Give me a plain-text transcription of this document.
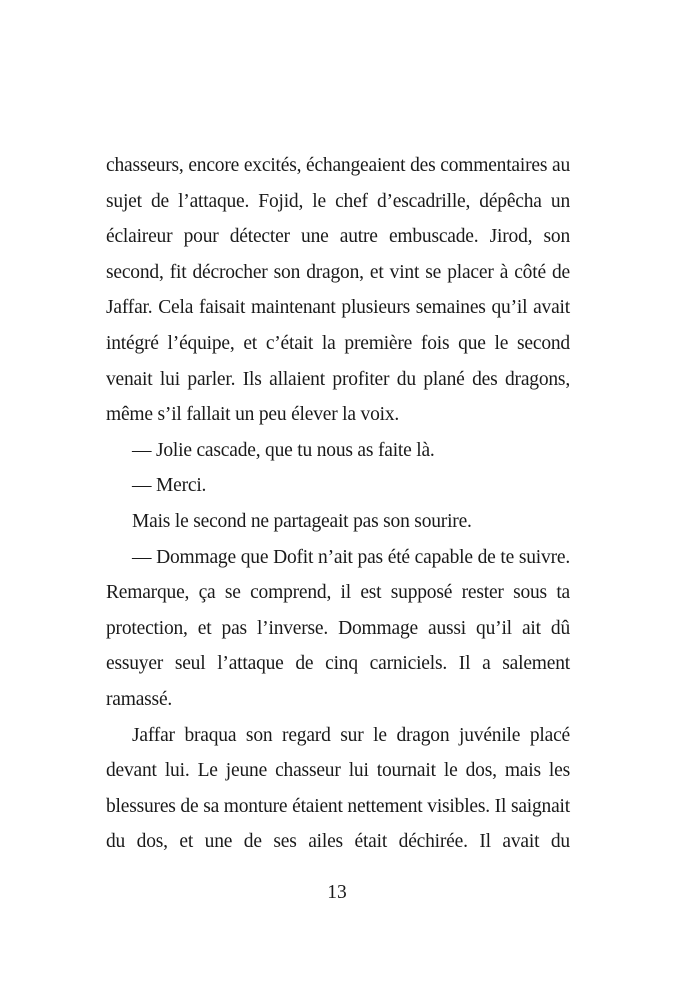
chasseurs, encore excités, échangeaient des commentaires au sujet de l’attaque. Fojid, le chef d’escadrille, dépêcha un éclaireur pour détecter une autre embuscade. Jirod, son second, fit décrocher son dragon, et vint se placer à côté de Jaffar. Cela faisait maintenant plusieurs semaines qu’il avait intégré l’équipe, et c’était la première fois que le second venait lui parler. Ils allaient profiter du plané des dragons, même s’il fallait un peu élever la voix.

— Jolie cascade, que tu nous as faite là.

— Merci.

Mais le second ne partageait pas son sourire.

— Dommage que Dofit n’ait pas été capable de te suivre. Remarque, ça se comprend, il est supposé rester sous ta protection, et pas l’inverse. Dommage aussi qu’il ait dû essuyer seul l’attaque de cinq carniciels. Il a salement ramassé.

Jaffar braqua son regard sur le dragon juvénile placé devant lui. Le jeune chasseur lui tournait le dos, mais les blessures de sa monture étaient nettement visibles. Il saignait du dos, et une de ses ailes était déchirée. Il avait du

13
